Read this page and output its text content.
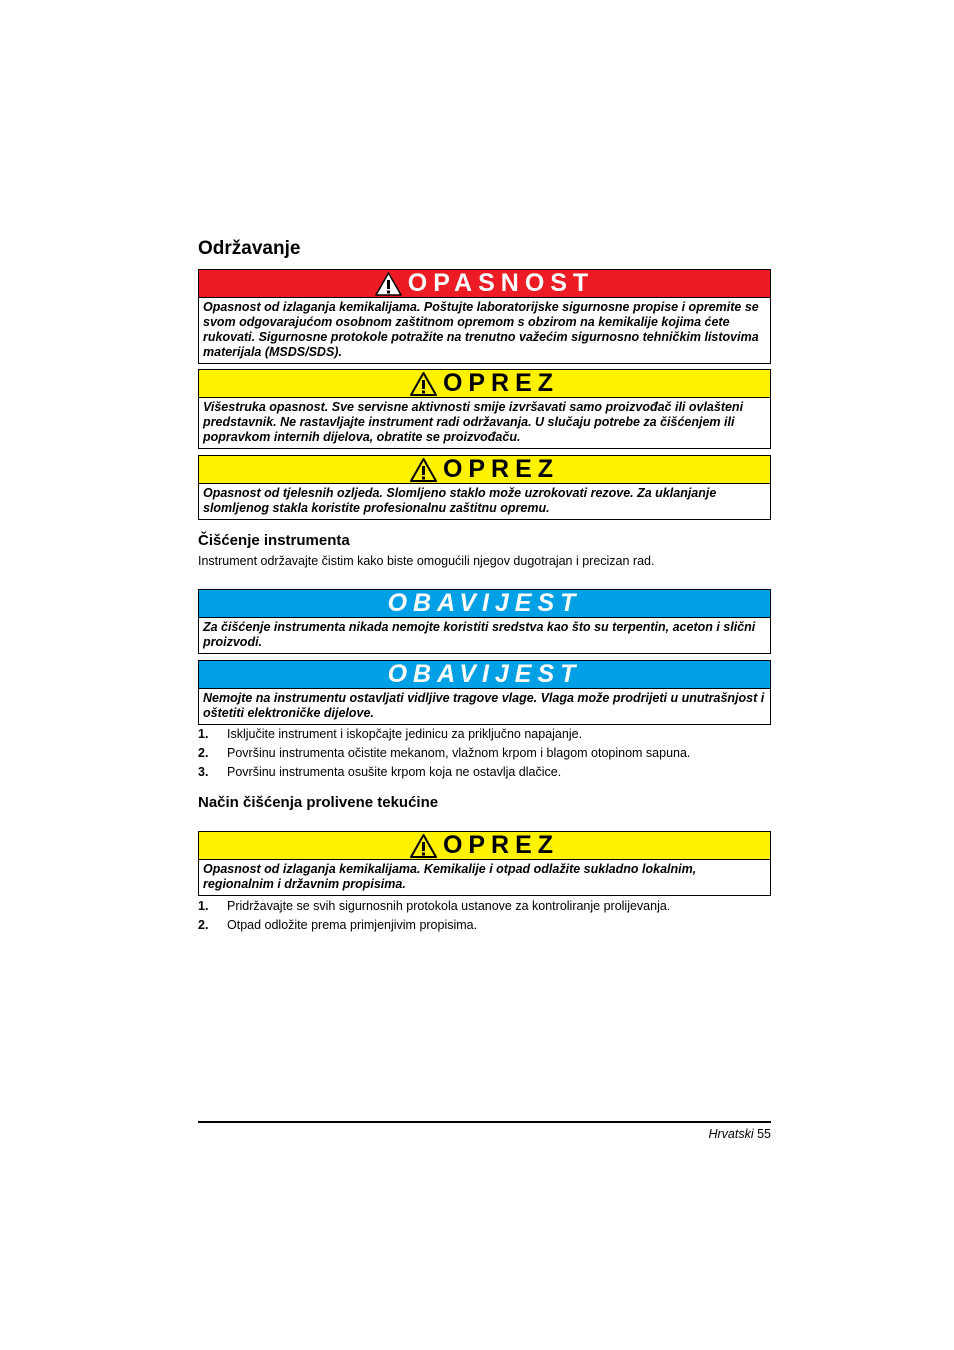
Održavanje
OPASNOST
Opasnost od izlaganja kemikalijama. Poštujte laboratorijske sigurnosne propise i opremite se svom odgovarajućom osobnom zaštitnom opremom s obzirom na kemikalije kojima ćete rukovati. Sigurnosne protokole potražite na trenutno važećim sigurnosno tehničkim listovima materijala (MSDS/SDS).
OPREZ
Višestruka opasnost. Sve servisne aktivnosti smije izvršavati samo proizvođač ili ovlašteni predstavnik. Ne rastavljajte instrument radi održavanja. U slučaju potrebe za čišćenjem ili popravkom internih dijelova, obratite se proizvođaču.
OPREZ
Opasnost od tjelesnih ozljeda. Slomljeno staklo može uzrokovati rezove. Za uklanjanje slomljenog stakla koristite profesionalnu zaštitnu opremu.
Čišćenje instrumenta

Instrument održavajte čistim kako biste omogućili njegov dugotrajan i precizan rad.

OBAVIJEST
Za čišćenje instrumenta nikada nemojte koristiti sredstva kao što su terpentin, aceton i slični proizvodi.
OBAVIJEST
Nemojte na instrumentu ostavljati vidljive tragove vlage. Vlaga može prodrijeti u unutrašnjost i oštetiti elektroničke dijelove.
1.	Isključite instrument i iskopčajte jedinicu za priključno napajanje.
2.	Površinu instrumenta očistite mekanom, vlažnom krpom i blagom otopinom sapuna.
3.	Površinu instrumenta osušite krpom koja ne ostavlja dlačice.
Način čišćenja prolivene tekućine
OPREZ
Opasnost od izlaganja kemikalijama. Kemikalije i otpad odlažite sukladno lokalnim, regionalnim i državnim propisima.
1.	Pridržavajte se svih sigurnosnih protokola ustanove za kontroliranje prolijevanja.
2.	Otpad odložite prema primjenjivim propisima.
Hrvatski 55
